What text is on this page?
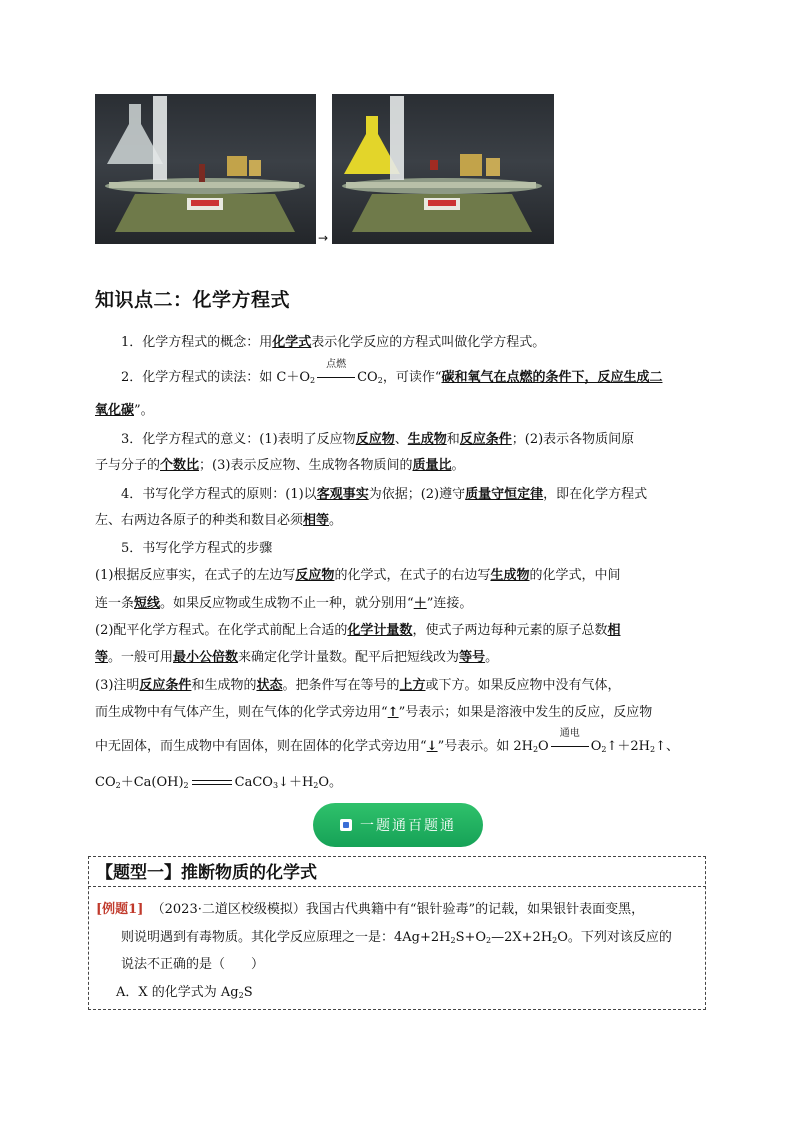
→
知识点二：化学方程式
1．化学方程式的概念：用化学式表示化学反应的方程式叫做化学方程式。
2．化学方程式的读法：如 $C+O_2$
点燃
$CO_2$，可读作“碳和氧气在点燃的条件下，反应生成二
氧化碳”。
3．化学方程式的意义：(1)表明了反应物反应物、生成物和反应条件；(2)表示各物质间原
子与分子的个数比；(3)表示反应物、生成物各物质间的质量比。
4．书写化学方程式的原则：(1)以客观事实为依据；(2)遵守质量守恒定律，即在化学方程式
左、右两边各原子的种类和数目必须相等。
5．书写化学方程式的步骤
(1)根据反应事实，在式子的左边写反应物的化学式，在式子的右边写生成物的化学式，中间
连一条短线。如果反应物或生成物不止一种，就分别用“＋”连接。
(2)配平化学方程式。在化学式前配上合适的化学计量数，使式子两边每种元素的原子总数相
等。一般可用最小公倍数来确定化学计量数。配平后把短线改为等号。
(3)注明反应条件和生成物的状态。把条件写在等号的上方或下方。如果反应物中没有气体，
而生成物中有气体产生，则在气体的化学式旁边用“↑”号表示；如果是溶液中发生的反应，反应物
中无固体，而生成物中有固体，则在固体的化学式旁边用“↓”号表示。如 $2H_2O$
通电
$O_2↑+2H_2↑$、
$CO_2+Ca(OH)_2$	$CaCO_3↓+H_2O$。
一题通百题通
【题型一】推断物质的化学式
[例题1] （2023·二道区校级模拟）我国古代典籍中有“银针验毒”的记载，如果银针表面变黑，
则说明遇到有毒物质。其化学反应原理之一是：$4Ag+2H_2S+O_2—2X+2H_2O$。下列对该反应的
说法不正确的是（　　）
A．X 的化学式为 $Ag_2S$
